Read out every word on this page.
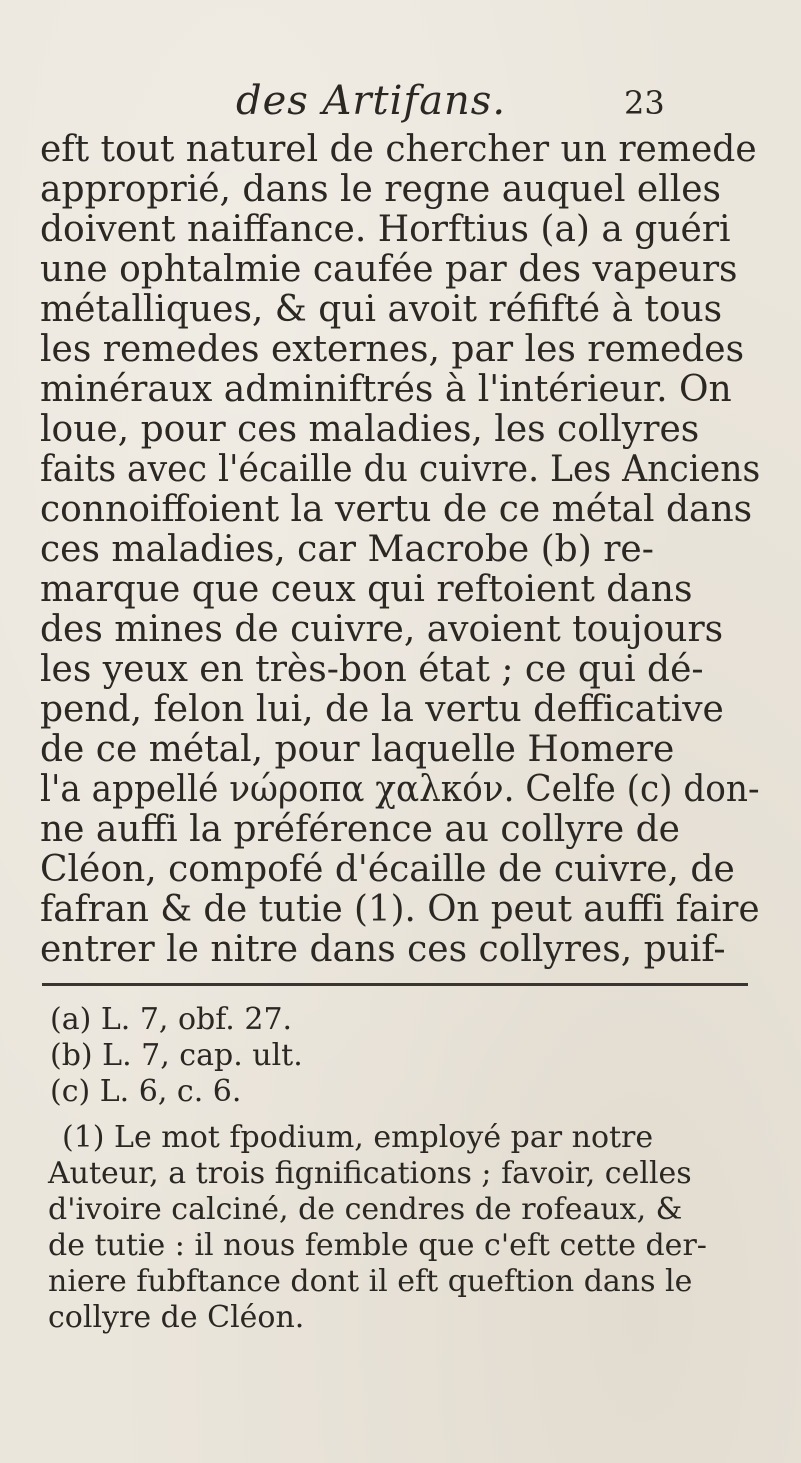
des Artifans.	23
eft tout naturel de chercher un remede
approprié, dans le regne auquel elles
doivent naiffance. Horftius (a) a guéri
une ophtalmie caufée par des vapeurs
métalliques, & qui avoit réfifté à tous
les remedes externes, par les remedes
minéraux adminiftrés à l'intérieur. On
loue, pour ces maladies, les collyres
faits avec l'écaille du cuivre. Les Anciens
connoiffoient la vertu de ce métal dans
ces maladies, car Macrobe (b) re-
marque que ceux qui reftoient dans
des mines de cuivre, avoient toujours
les yeux en très-bon état ; ce qui dé-
pend, felon lui, de la vertu defficative
de ce métal, pour laquelle Homere
l'a appellé νώροπα χαλκόν. Celfe (c) don-
ne auffi la préférence au collyre de
Cléon, compofé d'écaille de cuivre, de
fafran & de tutie (1). On peut auffi faire
entrer le nitre dans ces collyres, puif-
(a) L. 7, obf. 27.
(b) L. 7, cap. ult.
(c) L. 6, c. 6.
(1) Le mot fpodium, employé par notre
Auteur, a trois fignifications ; favoir, celles
d'ivoire calciné, de cendres de rofeaux, &
de tutie : il nous femble que c'eft cette der-
niere fubftance dont il eft queftion dans le
collyre de Cléon.
